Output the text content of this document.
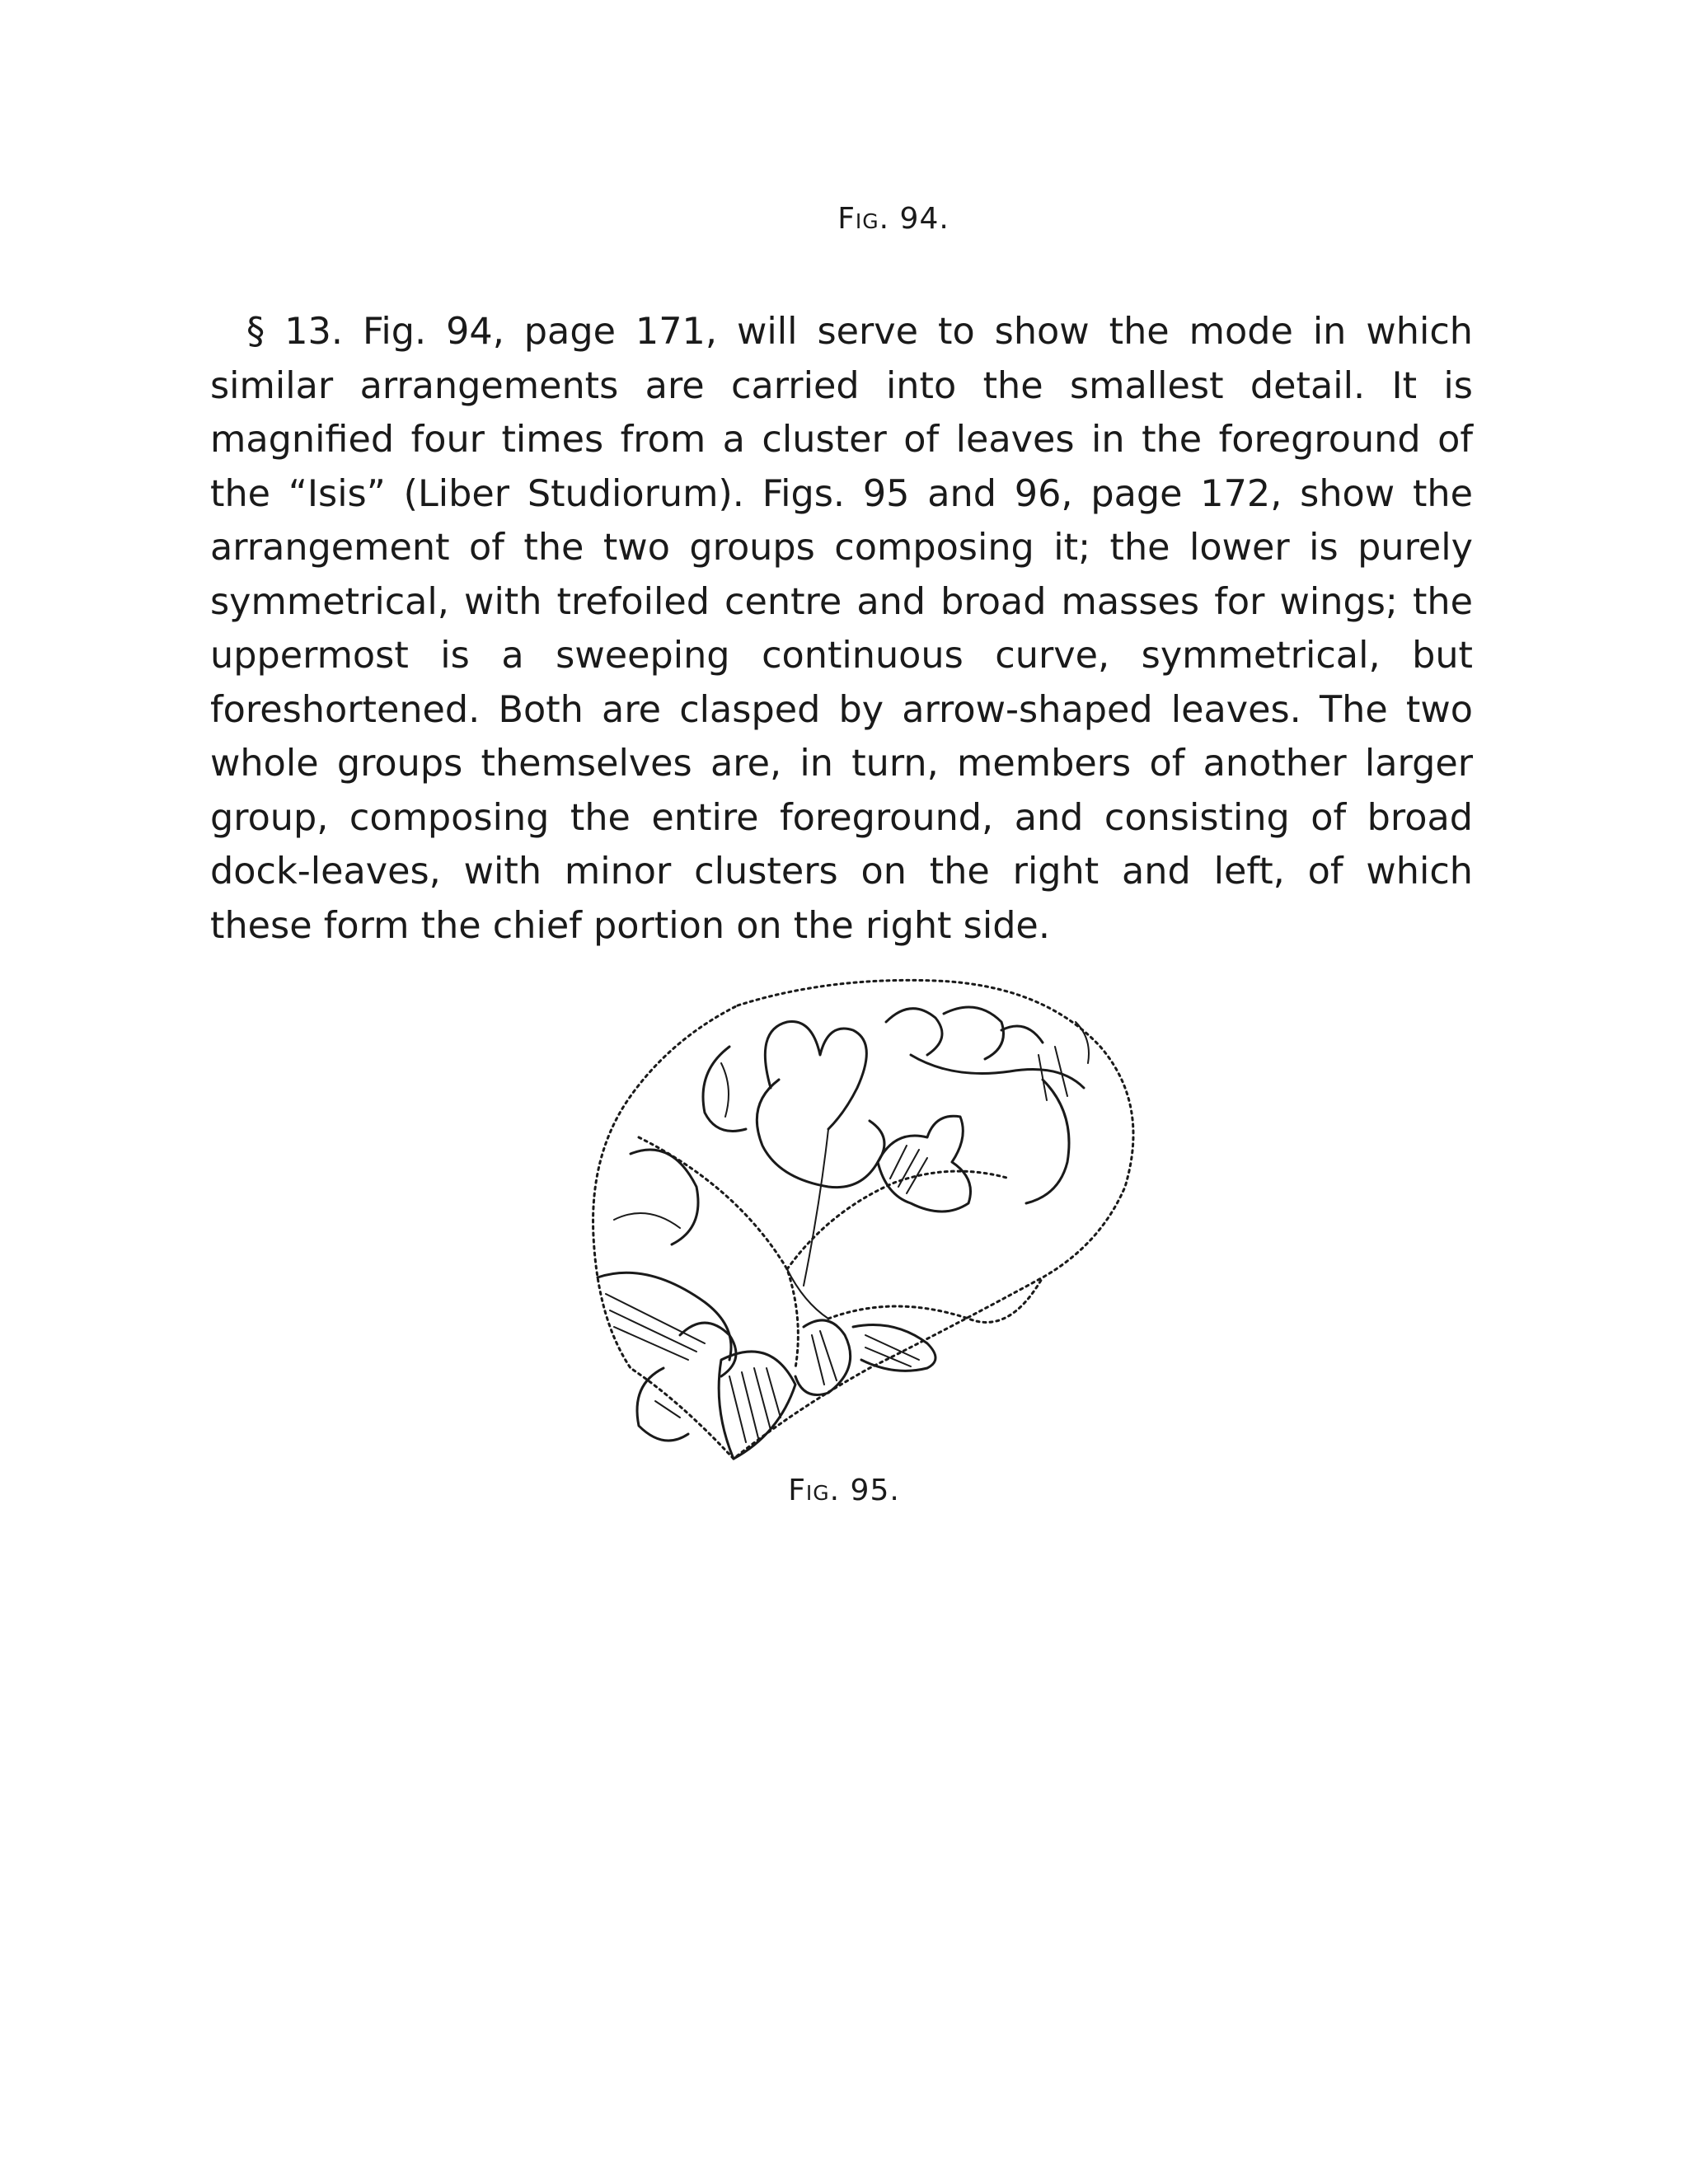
Fig. 94.

§ 13. Fig. 94, page 171, will serve to show the mode in which similar arrangements are carried into the smallest detail. It is magnified four times from a cluster of leaves in the foreground of the “Isis” (Liber Studiorum). Figs. 95 and 96, page 172, show the arrangement of the two groups composing it; the lower is purely symmetrical, with trefoiled centre and broad masses for wings; the uppermost is a sweeping continuous curve, symmetrical, but foreshortened. Both are clasped by arrow-shaped leaves. The two whole groups themselves are, in turn, members of another larger group, composing the entire foreground, and consisting of broad dock-leaves, with minor clusters on the right and left, of which these form the chief portion on the right side.

Fig. 95.
